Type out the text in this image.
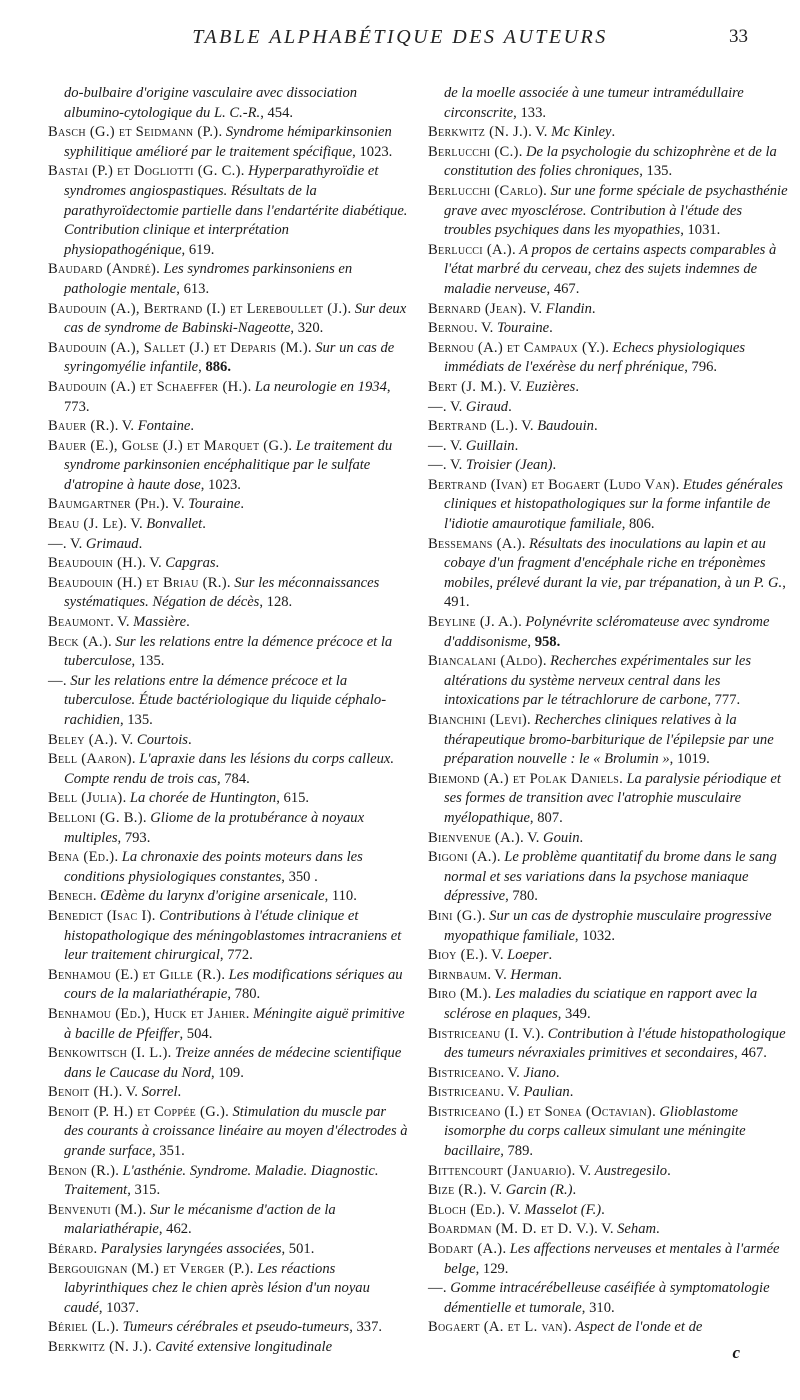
TABLE ALPHABÉTIQUE DES AUTEURS	33

do-bulbaire d'origine vasculaire avec dissociation albumino-cytologique du L. C.-R., 454.

Basch (G.) et Seidmann (P.). Syndrome hémiparkinsonien syphilitique amélioré par le traitement spécifique, 1023.

Bastai (P.) et Dogliotti (G. C.). Hyperparathyroïdie et syndromes angiospastiques. Résultats de la parathyroïdectomie partielle dans l'endartérite diabétique. Contribution clinique et interprétation physiopathogénique, 619.

Baudard (André). Les syndromes parkinsoniens en pathologie mentale, 613.

Baudouin (A.), Bertrand (I.) et Lereboullet (J.). Sur deux cas de syndrome de Babinski-Nageotte, 320.

Baudouin (A.), Sallet (J.) et Deparis (M.). Sur un cas de syringomyélie infantile, 886.

Baudouin (A.) et Schaeffer (H.). La neurologie en 1934, 773.

Bauer (R.). V. Fontaine.

Bauer (E.), Golse (J.) et Marquet (G.). Le traitement du syndrome parkinsonien encéphalitique par le sulfate d'atropine à haute dose, 1023.

Baumgartner (Ph.). V. Touraine.

Beau (J. Le). V. Bonvallet.

—. V. Grimaud.

Beaudouin (H.). V. Capgras.

Beaudouin (H.) et Briau (R.). Sur les méconnaissances systématiques. Négation de décès, 128.

Beaumont. V. Massière.

Beck (A.). Sur les relations entre la démence précoce et la tuberculose, 135.

—. Sur les relations entre la démence précoce et la tuberculose. Étude bactériologique du liquide céphalo-rachidien, 135.

Beley (A.). V. Courtois.

Bell (Aaron). L'apraxie dans les lésions du corps calleux. Compte rendu de trois cas, 784.

Bell (Julia). La chorée de Huntington, 615.

Belloni (G. B.). Gliome de la protubérance à noyaux multiples, 793.

Bena (Ed.). La chronaxie des points moteurs dans les conditions physiologiques constantes, 350 .

Benech. Œdème du larynx d'origine arsenicale, 110.

Benedict (Isac I). Contributions à l'étude clinique et histopathologique des méningoblastomes intracraniens et leur traitement chirurgical, 772.

Benhamou (E.) et Gille (R.). Les modifications sériques au cours de la malariathérapie, 780.

Benhamou (Ed.), Huck et Jahier. Méningite aiguë primitive à bacille de Pfeiffer, 504.

Benkowitsch (I. L.). Treize années de médecine scientifique dans le Caucase du Nord, 109.

Benoit (H.). V. Sorrel.

Benoit (P. H.) et Coppée (G.). Stimulation du muscle par des courants à croissance linéaire au moyen d'électrodes à grande surface, 351.

Benon (R.). L'asthénie. Syndrome. Maladie. Diagnostic. Traitement, 315.

Benvenuti (M.). Sur le mécanisme d'action de la malariathérapie, 462.

Bérard. Paralysies laryngées associées, 501.

Bergouignan (M.) et Verger (P.). Les réactions labyrinthiques chez le chien après lésion d'un noyau caudé, 1037.

Bériel (L.). Tumeurs cérébrales et pseudo-tumeurs, 337.

Berkwitz (N. J.). Cavité extensive longitudinale

de la moelle associée à une tumeur intramédullaire circonscrite, 133.

Berkwitz (N. J.). V. Mc Kinley.

Berlucchi (C.). De la psychologie du schizophrène et de la constitution des folies chroniques, 135.

Berlucchi (Carlo). Sur une forme spéciale de psychasthénie grave avec myosclérose. Contribution à l'étude des troubles psychiques dans les myopathies, 1031.

Berlucci (A.). A propos de certains aspects comparables à l'état marbré du cerveau, chez des sujets indemnes de maladie nerveuse, 467.

Bernard (Jean). V. Flandin.

Bernou. V. Touraine.

Bernou (A.) et Campaux (Y.). Echecs physiologiques immédiats de l'exérèse du nerf phrénique, 796.

Bert (J. M.). V. Euzières.

—. V. Giraud.

Bertrand (L.). V. Baudouin.

—. V. Guillain.

—. V. Troisier (Jean).

Bertrand (Ivan) et Bogaert (Ludo Van). Etudes générales cliniques et histopathologiques sur la forme infantile de l'idiotie amaurotique familiale, 806.

Bessemans (A.). Résultats des inoculations au lapin et au cobaye d'un fragment d'encéphale riche en tréponèmes mobiles, prélevé durant la vie, par trépanation, à un P. G., 491.

Beyline (J. A.). Polynévrite scléromateuse avec syndrome d'addisonisme, 958.

Biancalani (Aldo). Recherches expérimentales sur les altérations du système nerveux central dans les intoxications par le tétrachlorure de carbone, 777.

Bianchini (Levi). Recherches cliniques relatives à la thérapeutique bromo-barbiturique de l'épilepsie par une préparation nouvelle : le « Brolumin », 1019.

Biemond (A.) et Polak Daniels. La paralysie périodique et ses formes de transition avec l'atrophie musculaire myélopathique, 807.

Bienvenue (A.). V. Gouin.

Bigoni (A.). Le problème quantitatif du brome dans le sang normal et ses variations dans la psychose maniaque dépressive, 780.

Bini (G.). Sur un cas de dystrophie musculaire progressive myopathique familiale, 1032.

Bioy (E.). V. Loeper.

Birnbaum. V. Herman.

Biro (M.). Les maladies du sciatique en rapport avec la sclérose en plaques, 349.

Bistriceanu (I. V.). Contribution à l'étude histopathologique des tumeurs névraxiales primitives et secondaires, 467.

Bistriceano. V. Jiano.

Bistriceanu. V. Paulian.

Bistriceano (I.) et Sonea (Octavian). Glioblastome isomorphe du corps calleux simulant une méningite bacillaire, 789.

Bittencourt (Januario). V. Austregesilo.

Bize (R.). V. Garcin (R.).

Bloch (Ed.). V. Masselot (F.).

Boardman (M. D. et D. V.). V. Seham.

Bodart (A.). Les affections nerveuses et mentales à l'armée belge, 129.

—. Gomme intracérébelleuse caséifiée à symptomatologie démentielle et tumorale, 310.

Bogaert (A. et L. van). Aspect de l'onde et de

c
